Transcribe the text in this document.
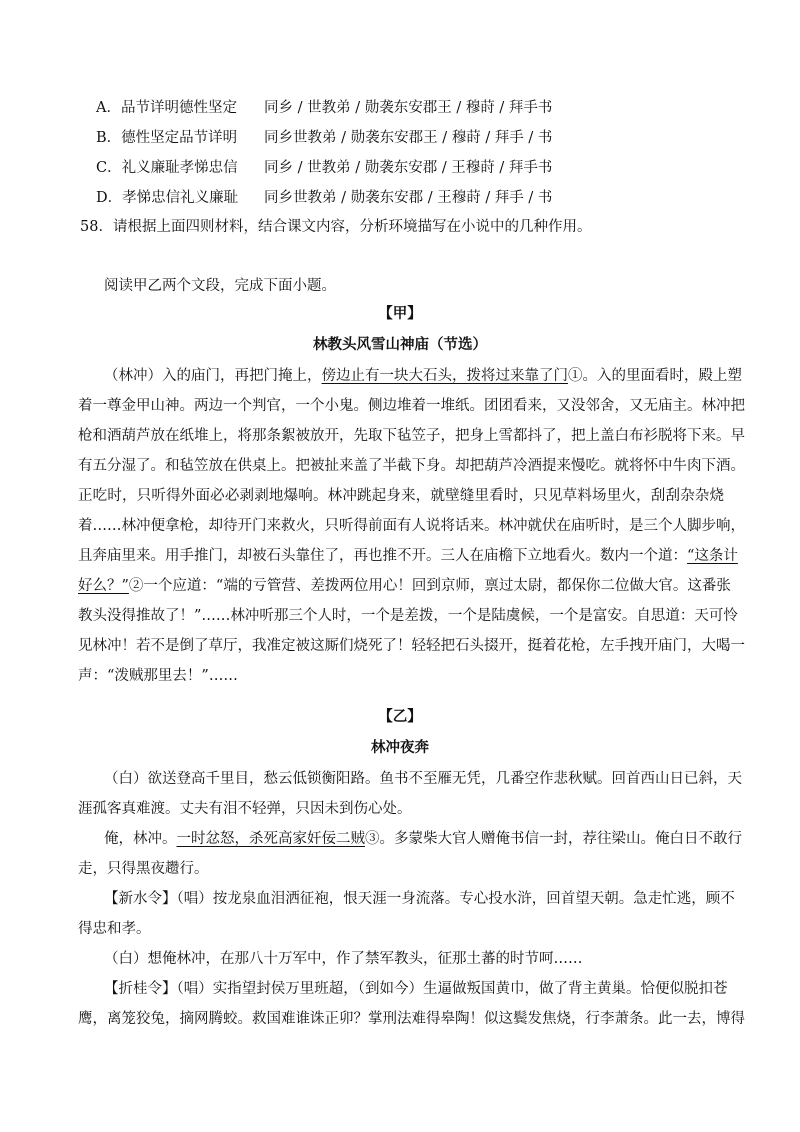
A．品节详明德性坚定 同乡 / 世教弟 / 勋袭东安郡王 / 穆莳 / 拜手书
B．德性坚定品节详明 同乡世教弟 / 勋袭东安郡王 / 穆莳 / 拜手 / 书
C．礼义廉耻孝悌忠信 同乡 / 世教弟 / 勋袭东安郡 / 王穆莳 / 拜手书
D．孝悌忠信礼义廉耻 同乡世教弟 / 勋袭东安郡 / 王穆莳 / 拜手 / 书
58．请根据上面四则材料，结合课文内容，分析环境描写在小说中的几种作用。
阅读甲乙两个文段，完成下面小题。
【甲】
林教头风雪山神庙（节选）
（林冲）入的庙门，再把门掩上，傍边止有一块大石头，拨将过来靠了门①。入的里面看时，殿上塑
着一尊金甲山神。两边一个判官，一个小鬼。侧边堆着一堆纸。团团看来，又没邻舍，又无庙主。林冲把
枪和酒葫芦放在纸堆上，将那条絮被放开，先取下毡笠子，把身上雪都抖了，把上盖白布衫脱将下来。早
有五分湿了。和毡笠放在供桌上。把被扯来盖了半截下身。却把葫芦冷酒提来慢吃。就将怀中牛肉下酒。
正吃时，只听得外面必必剥剥地爆响。林冲跳起身来，就壁缝里看时，只见草料场里火，刮刮杂杂烧
着……林冲便拿枪，却待开门来救火，只听得前面有人说将话来。林冲就伏在庙听时，是三个人脚步响，
且奔庙里来。用手推门，却被石头靠住了，再也推不开。三人在庙檐下立地看火。数内一个道：“这条计
好么？”②一个应道：“端的亏管营、差拨两位用心！回到京师，禀过太尉，都保你二位做大官。这番张
教头没得推故了！”……林冲听那三个人时，一个是差拨，一个是陆虞候，一个是富安。自思道：天可怜
见林冲！若不是倒了草厅，我准定被这厮们烧死了！轻轻把石头掇开，挺着花枪，左手拽开庙门，大喝一
声：“泼贼那里去！”……
【乙】
林冲夜奔
（白）欲送登高千里目，愁云低锁衡阳路。鱼书不至雁无凭，几番空作悲秋赋。回首西山日已斜，天
涯孤客真难渡。丈夫有泪不轻弹，只因未到伤心处。
俺，林冲。一时忿怒，杀死高家奸佞二贼③。多蒙柴大官人赠俺书信一封，荐往梁山。俺白日不敢行
走，只得黑夜趱行。
【新水令】（唱）按龙泉血泪洒征袍，恨天涯一身流落。专心投水浒，回首望天朝。急走忙逃，顾不
得忠和孝。
（白）想俺林冲，在那八十万军中，作了禁军教头，征那土蕃的时节呵……
【折桂令】（唱）实指望封侯万里班超，（到如今）生逼做叛国黄巾，做了背主黄巢。恰便似脱扣苍
鹰，离笼狡兔，摘网腾蛟。救国难谁诛正卯？掌刑法难得皋陶！似这鬓发焦烧，行李萧条。此一去，博得
